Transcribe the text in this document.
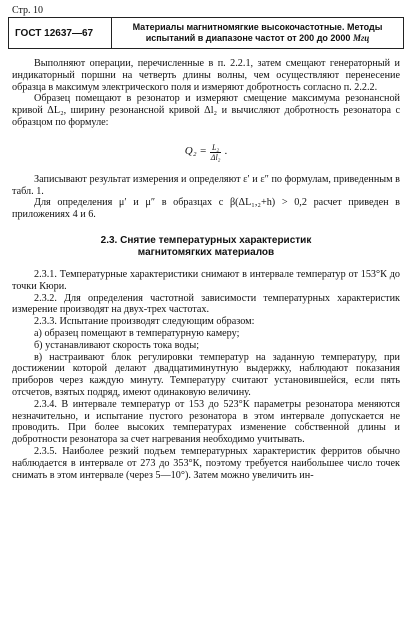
Стр. 10
ГОСТ 12637—67
Материалы магнитномягкие высокочастотные. Методы
испытаний в диапазоне частот от 200 до 2000 Мгц

Выполняют операции, перечисленные в п. 2.2.1, затем смещают генераторный и индикаторный поршни на четверть длины волны, чем осуществляют перенесение образца в максимум электрического поля и измеряют добротность согласно п. 2.2.2.

Образец помещают в резонатор и измеряют смещение максимума резонансной кривой ΔL₂, ширину резонансной кривой Δl₂ и вычисляют добротность резонатора с образцом по формуле:

$Q_2 = \frac{\text{L₂}}{\text{Δl₂}}$ .

Записывают результат измерения и определяют ε′ и ε″ по формулам, приведенным в табл. 1.

Для определения μ′ и μ″ в образцах с β(ΔL₁,₂+h) > 0,2 расчет приведен в приложениях 4 и 6.

2.3. Снятие температурных характеристик
магнитомягких материалов

2.3.1. Температурные характеристики снимают в интервале температур от 153°К до точки Кюри.

2.3.2. Для определения частотной зависимости температурных характеристик измерение производят на двух-трех частотах.

2.3.3. Испытание производят следующим образом:

а) образец помещают в температурную камеру;

б) устанавливают скорость тока воды;

в) настраивают блок регулировки температур на заданную температуру, при достижении которой делают двадцатиминутную выдержку, наблюдают показания приборов через каждую минуту. Температуру считают установившейся, если пять отсчетов, взятых подряд, имеют одинаковую величину.

2.3.4. В интервале температур от 153 до 523°К параметры резонатора меняются незначительно, и испытание пустого резонатора в этом интервале допускается не проводить. При более высоких температурах изменение собственной длины и добротности резонатора за счет нагревания необходимо учитывать.

2.3.5. Наиболее резкий подъем температурных характеристик ферритов обычно наблюдается в интервале от 273 до 353°К, поэтому требуется наибольшее число точек снимать в этом интервале (через 5—10°). Затем можно увеличить ин-
